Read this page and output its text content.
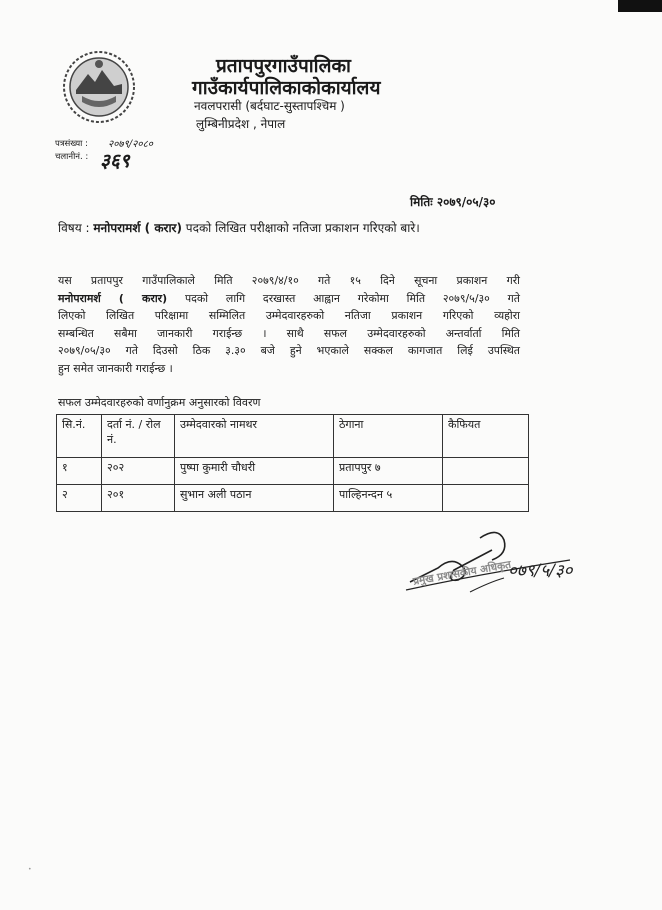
प्रतापपुरगाउँपालिका
गाउँकार्यपालिकाकोकार्यालय
नवलपरासी (बर्दघाट-सुस्तापश्चिम )
लुम्बिनीप्रदेश , नेपाल
पत्रसंख्या : २०७९/२०८०
चलानीनं. : ३६९
मितिः २०७९/०५/३०
विषय : मनोपरामर्श ( करार) पदको लिखित परीक्षाको नतिजा प्रकाशन गरिएको बारे।
यस प्रतापपुर गाउँपालिकाले मिति २०७९/४/१० गते १५ दिने सूचना प्रकाशन गरी
मनोपरामर्श ( करार) पदको लागि दरखास्त आह्वान गरेकोमा मिति २०७९/५/३० गते
लिएको लिखित परिक्षामा सम्मिलित उम्मेदवारहरुको नतिजा प्रकाशन गरिएको व्यहोरा
सम्बन्धित सबैमा जानकारी गराईन्छ । साथै सफल उम्मेदवारहरुको अन्तर्वार्ता मिति
२०७९/०५/३० गते दिउसो ठिक ३.३० बजे हुने भएकाले सक्कल कागजात लिई उपस्थित
हुन समेत जानकारी गराईन्छ ।
सफल उम्मेदवारहरुको वर्णानुक्रम अनुसारको विवरण
सि.नं.	दर्ता नं. / रोल नं.	उम्मेदवारको नामथर	ठेगाना	कैफियत
१	२०२	पुष्पा कुमारी चौधरी	प्रतापपुर ७	
२	२०१	सुभान अली पठान	पाल्हिनन्दन ५	
०७९/५/३०
प्रमुख प्रशासकीय अधिकृत
•
